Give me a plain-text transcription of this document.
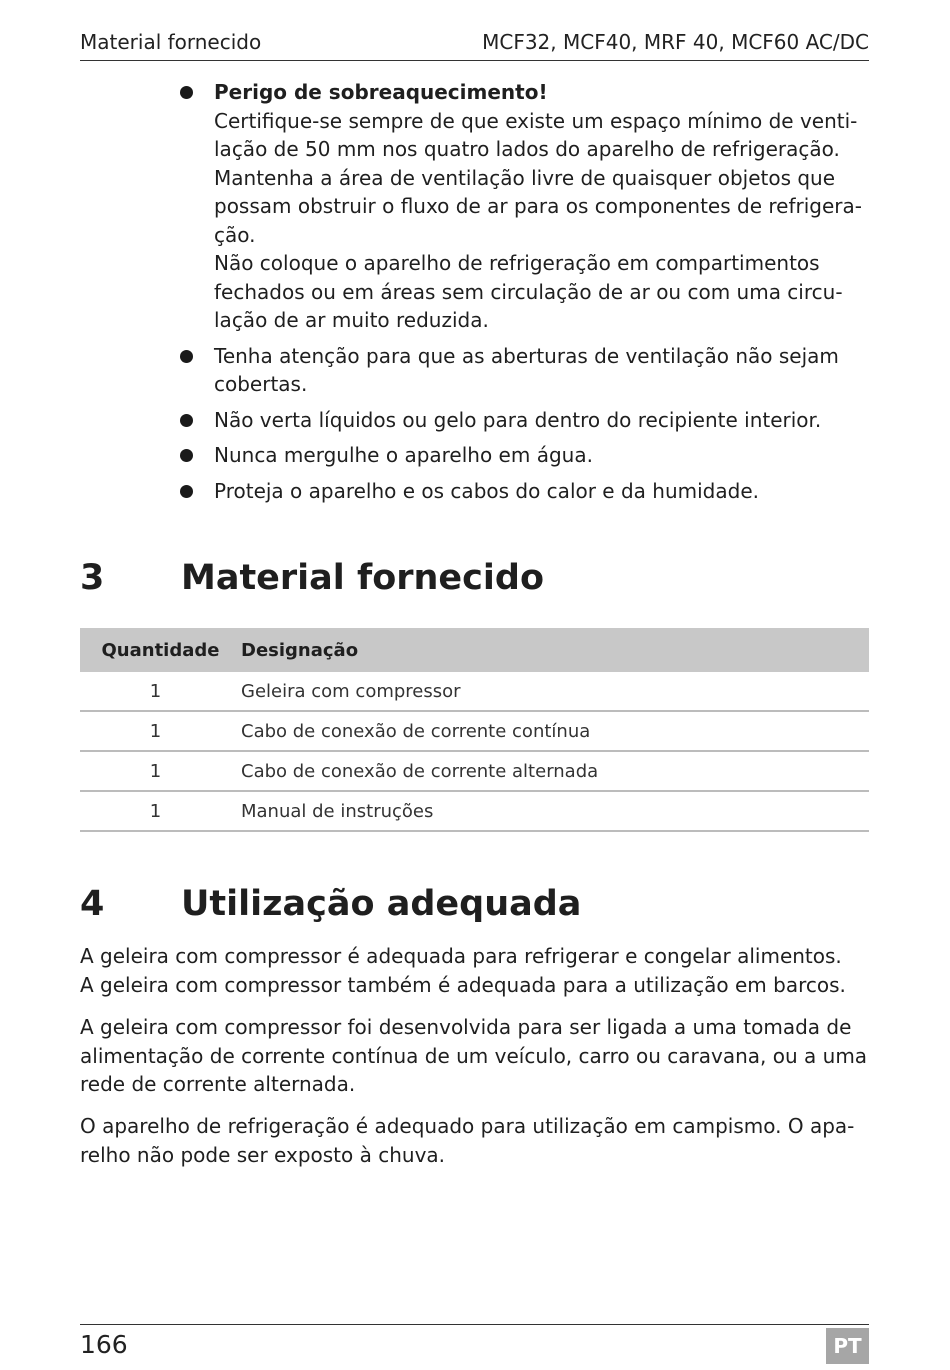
Material fornecido	MCF32, MCF40, MRF 40, MCF60 AC/DC
Perigo de sobreaquecimento!
Certifique-se sempre de que existe um espaço mínimo de venti-
lação de 50 mm nos quatro lados do aparelho de refrigeração.
Mantenha a área de ventilação livre de quaisquer objetos que
possam obstruir o fluxo de ar para os componentes de refrigera-
ção.
Não coloque o aparelho de refrigeração em compartimentos
fechados ou em áreas sem circulação de ar ou com uma circu-
lação de ar muito reduzida.
Tenha atenção para que as aberturas de ventilação não sejam
cobertas.
Não verta líquidos ou gelo para dentro do recipiente interior.
Nunca mergulhe o aparelho em água.
Proteja o aparelho e os cabos do calor e da humidade.
3 Material fornecido
Quantidade	Designação
1	Geleira com compressor
1	Cabo de conexão de corrente contínua
1	Cabo de conexão de corrente alternada
1	Manual de instruções
4 Utilização adequada

A geleira com compressor é adequada para refrigerar e congelar alimentos.
A geleira com compressor também é adequada para a utilização em barcos.

A geleira com compressor foi desenvolvida para ser ligada a uma tomada de
alimentação de corrente contínua de um veículo, carro ou caravana, ou a uma
rede de corrente alternada.

O aparelho de refrigeração é adequado para utilização em campismo. O apa-
relho não pode ser exposto à chuva.

166	PT
